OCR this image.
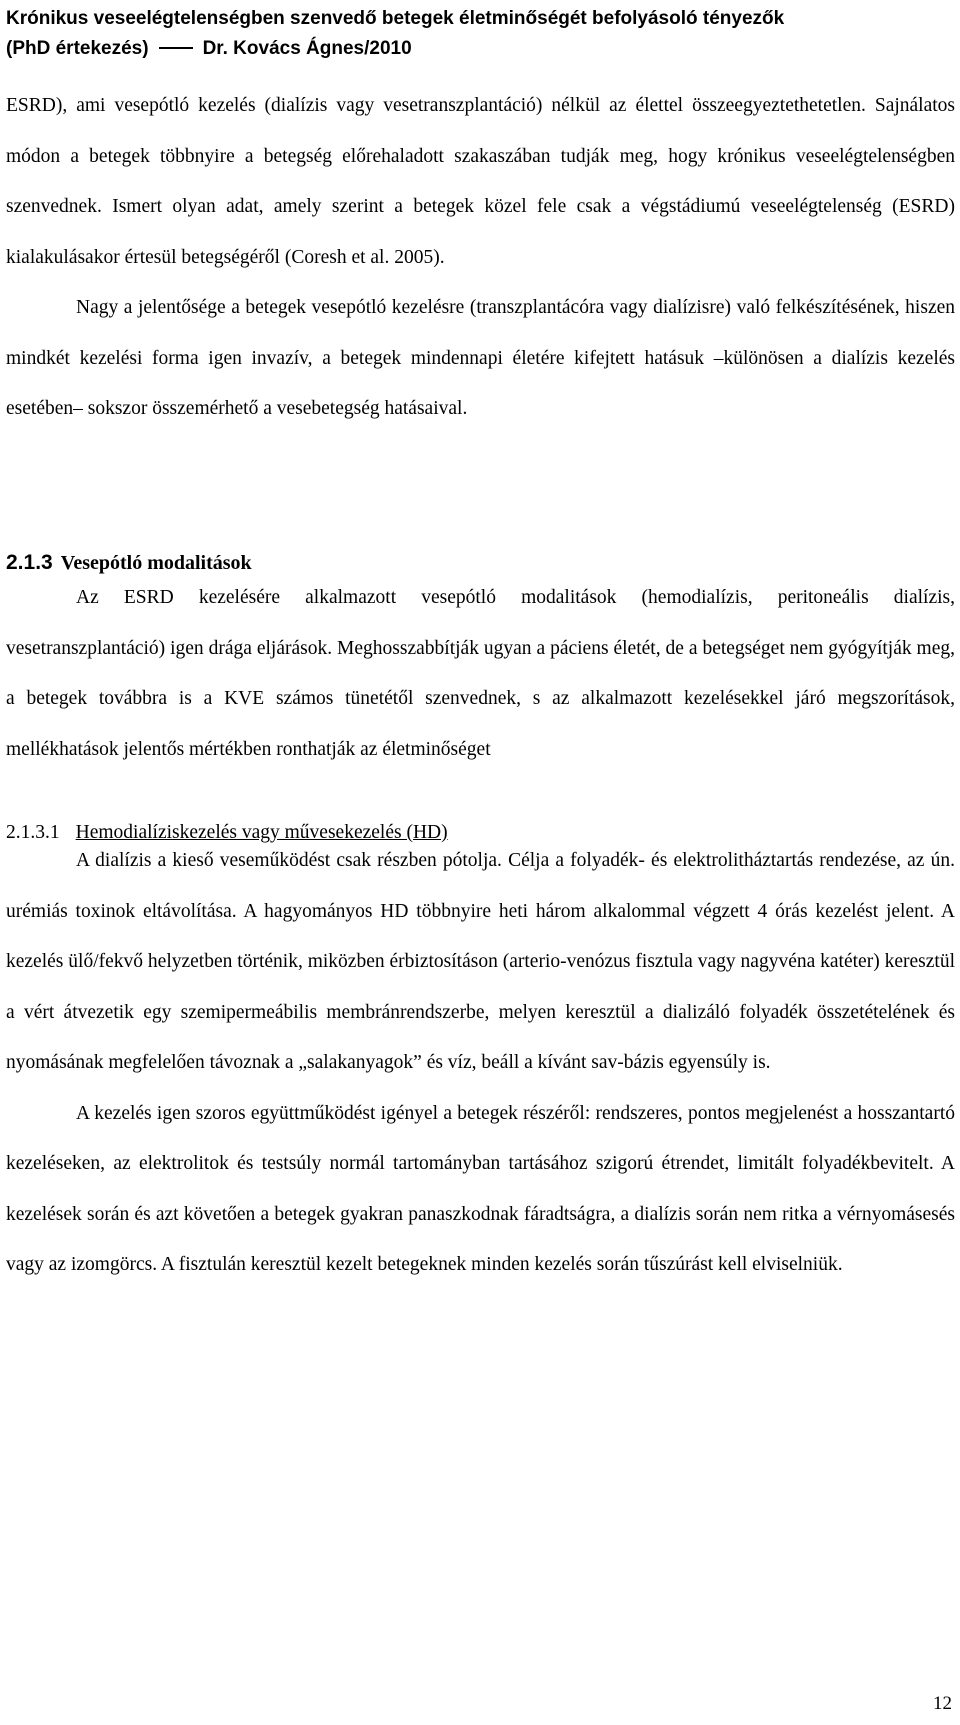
Krónikus veseelégtelenségben szenvedő betegek életminőségét befolyásoló tényezők
(PhD értekezés)	Dr. Kovács Ágnes/2010

ESRD), ami vesepótló kezelés (dialízis vagy vesetranszplantáció) nélkül az élettel összeegyeztethetetlen. Sajnálatos módon a betegek többnyire a betegség előrehaladott szakaszában tudják meg, hogy krónikus veseelégtelenségben szenvednek. Ismert olyan adat, amely szerint a betegek közel fele csak a végstádiumú veseelégtelenség (ESRD) kialakulásakor értesül betegségéről (Coresh et al. 2005).

Nagy a jelentősége a betegek vesepótló kezelésre (transzplantácóra vagy dialízisre) való felkészítésének, hiszen mindkét kezelési forma igen invazív, a betegek mindennapi életére kifejtett hatásuk –különösen a dialízis kezelés esetében– sokszor összemérhető a vesebetegség hatásaival.

2.1.3 Vesepótló modalitások

Az ESRD kezelésére alkalmazott vesepótló modalitások (hemodialízis, peritoneális dialízis, vesetranszplantáció) igen drága eljárások. Meghosszabbítják ugyan a páciens életét, de a betegséget nem gyógyítják meg, a betegek továbbra is a KVE számos tünetétől szenvednek, s az alkalmazott kezelésekkel járó megszorítások, mellékhatások jelentős mértékben ronthatják az életminőséget

2.1.3.1 Hemodialíziskezelés vagy művesekezelés (HD)

A dialízis a kieső veseműködést csak részben pótolja. Célja a folyadék- és elektrolitháztartás rendezése, az ún. urémiás toxinok eltávolítása. A hagyományos HD többnyire heti három alkalommal végzett 4 órás kezelést jelent. A kezelés ülő/fekvő helyzetben történik, miközben érbiztosításon (arterio-venózus fisztula vagy nagyvéna katéter) keresztül a vért átvezetik egy szemipermeábilis membránrendszerbe, melyen keresztül a dializáló folyadék összetételének és nyomásának megfelelően távoznak a „salakanyagok” és víz, beáll a kívánt sav-bázis egyensúly is.

A kezelés igen szoros együttműködést igényel a betegek részéről: rendszeres, pontos megjelenést a hosszantartó kezeléseken, az elektrolitok és testsúly normál tartományban tartásához szigorú étrendet, limitált folyadékbevitelt. A kezelések során és azt követően a betegek gyakran panaszkodnak fáradtságra, a dialízis során nem ritka a vérnyomásesés vagy az izomgörcs. A fisztulán keresztül kezelt betegeknek minden kezelés során tűszúrást kell elviselniük.

12
